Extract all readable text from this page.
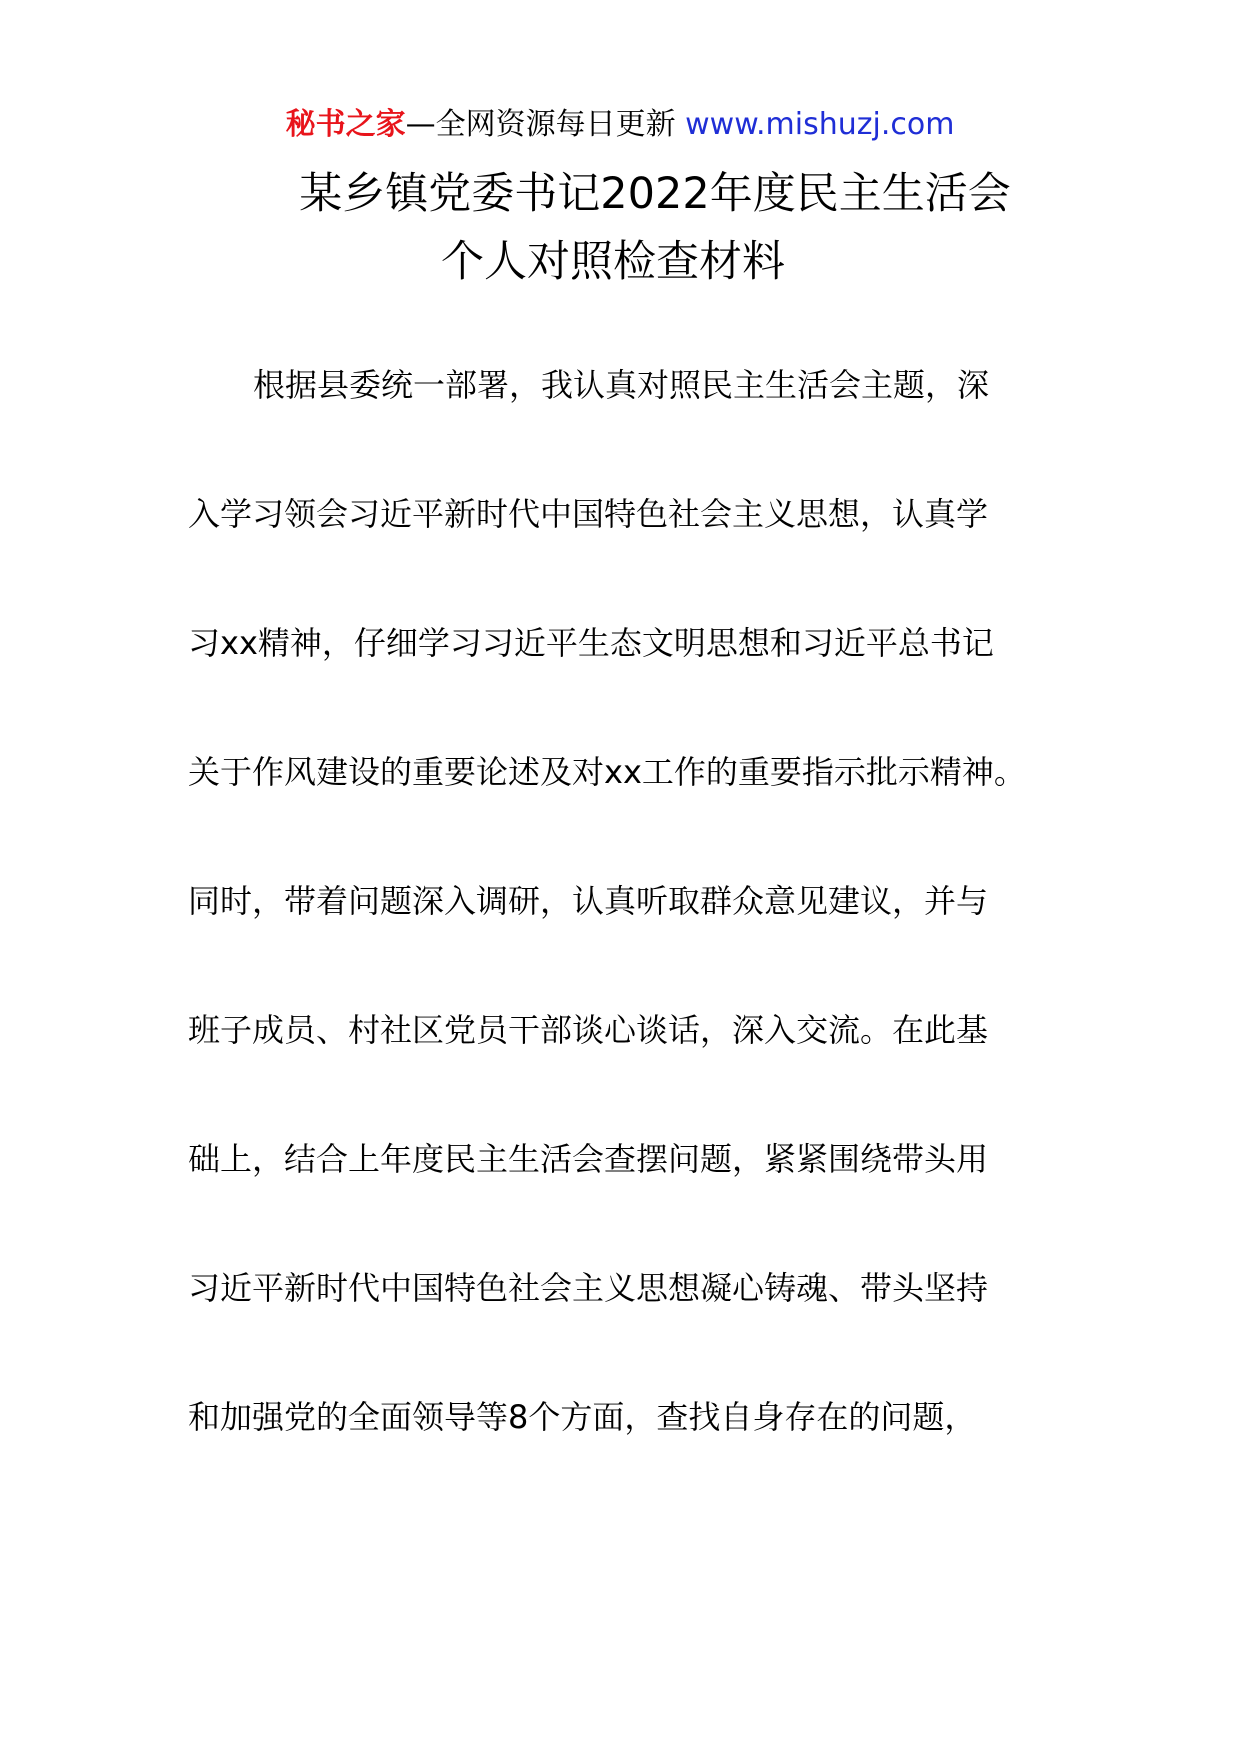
秘书之家—全网资源每日更新 www.mishuzj.com
某乡镇党委书记2022年度民主生活会
个人对照检查材料
根据县委统一部署，我认真对照民主生活会主题，深
入学习领会习近平新时代中国特色社会主义思想，认真学
习xx精神，仔细学习习近平生态文明思想和习近平总书记
关于作风建设的重要论述及对xx工作的重要指示批示精神。
同时，带着问题深入调研，认真听取群众意见建议，并与
班子成员、村社区党员干部谈心谈话，深入交流。在此基
础上，结合上年度民主生活会查摆问题，紧紧围绕带头用
习近平新时代中国特色社会主义思想凝心铸魂、带头坚持
和加强党的全面领导等8个方面，查找自身存在的问题，
